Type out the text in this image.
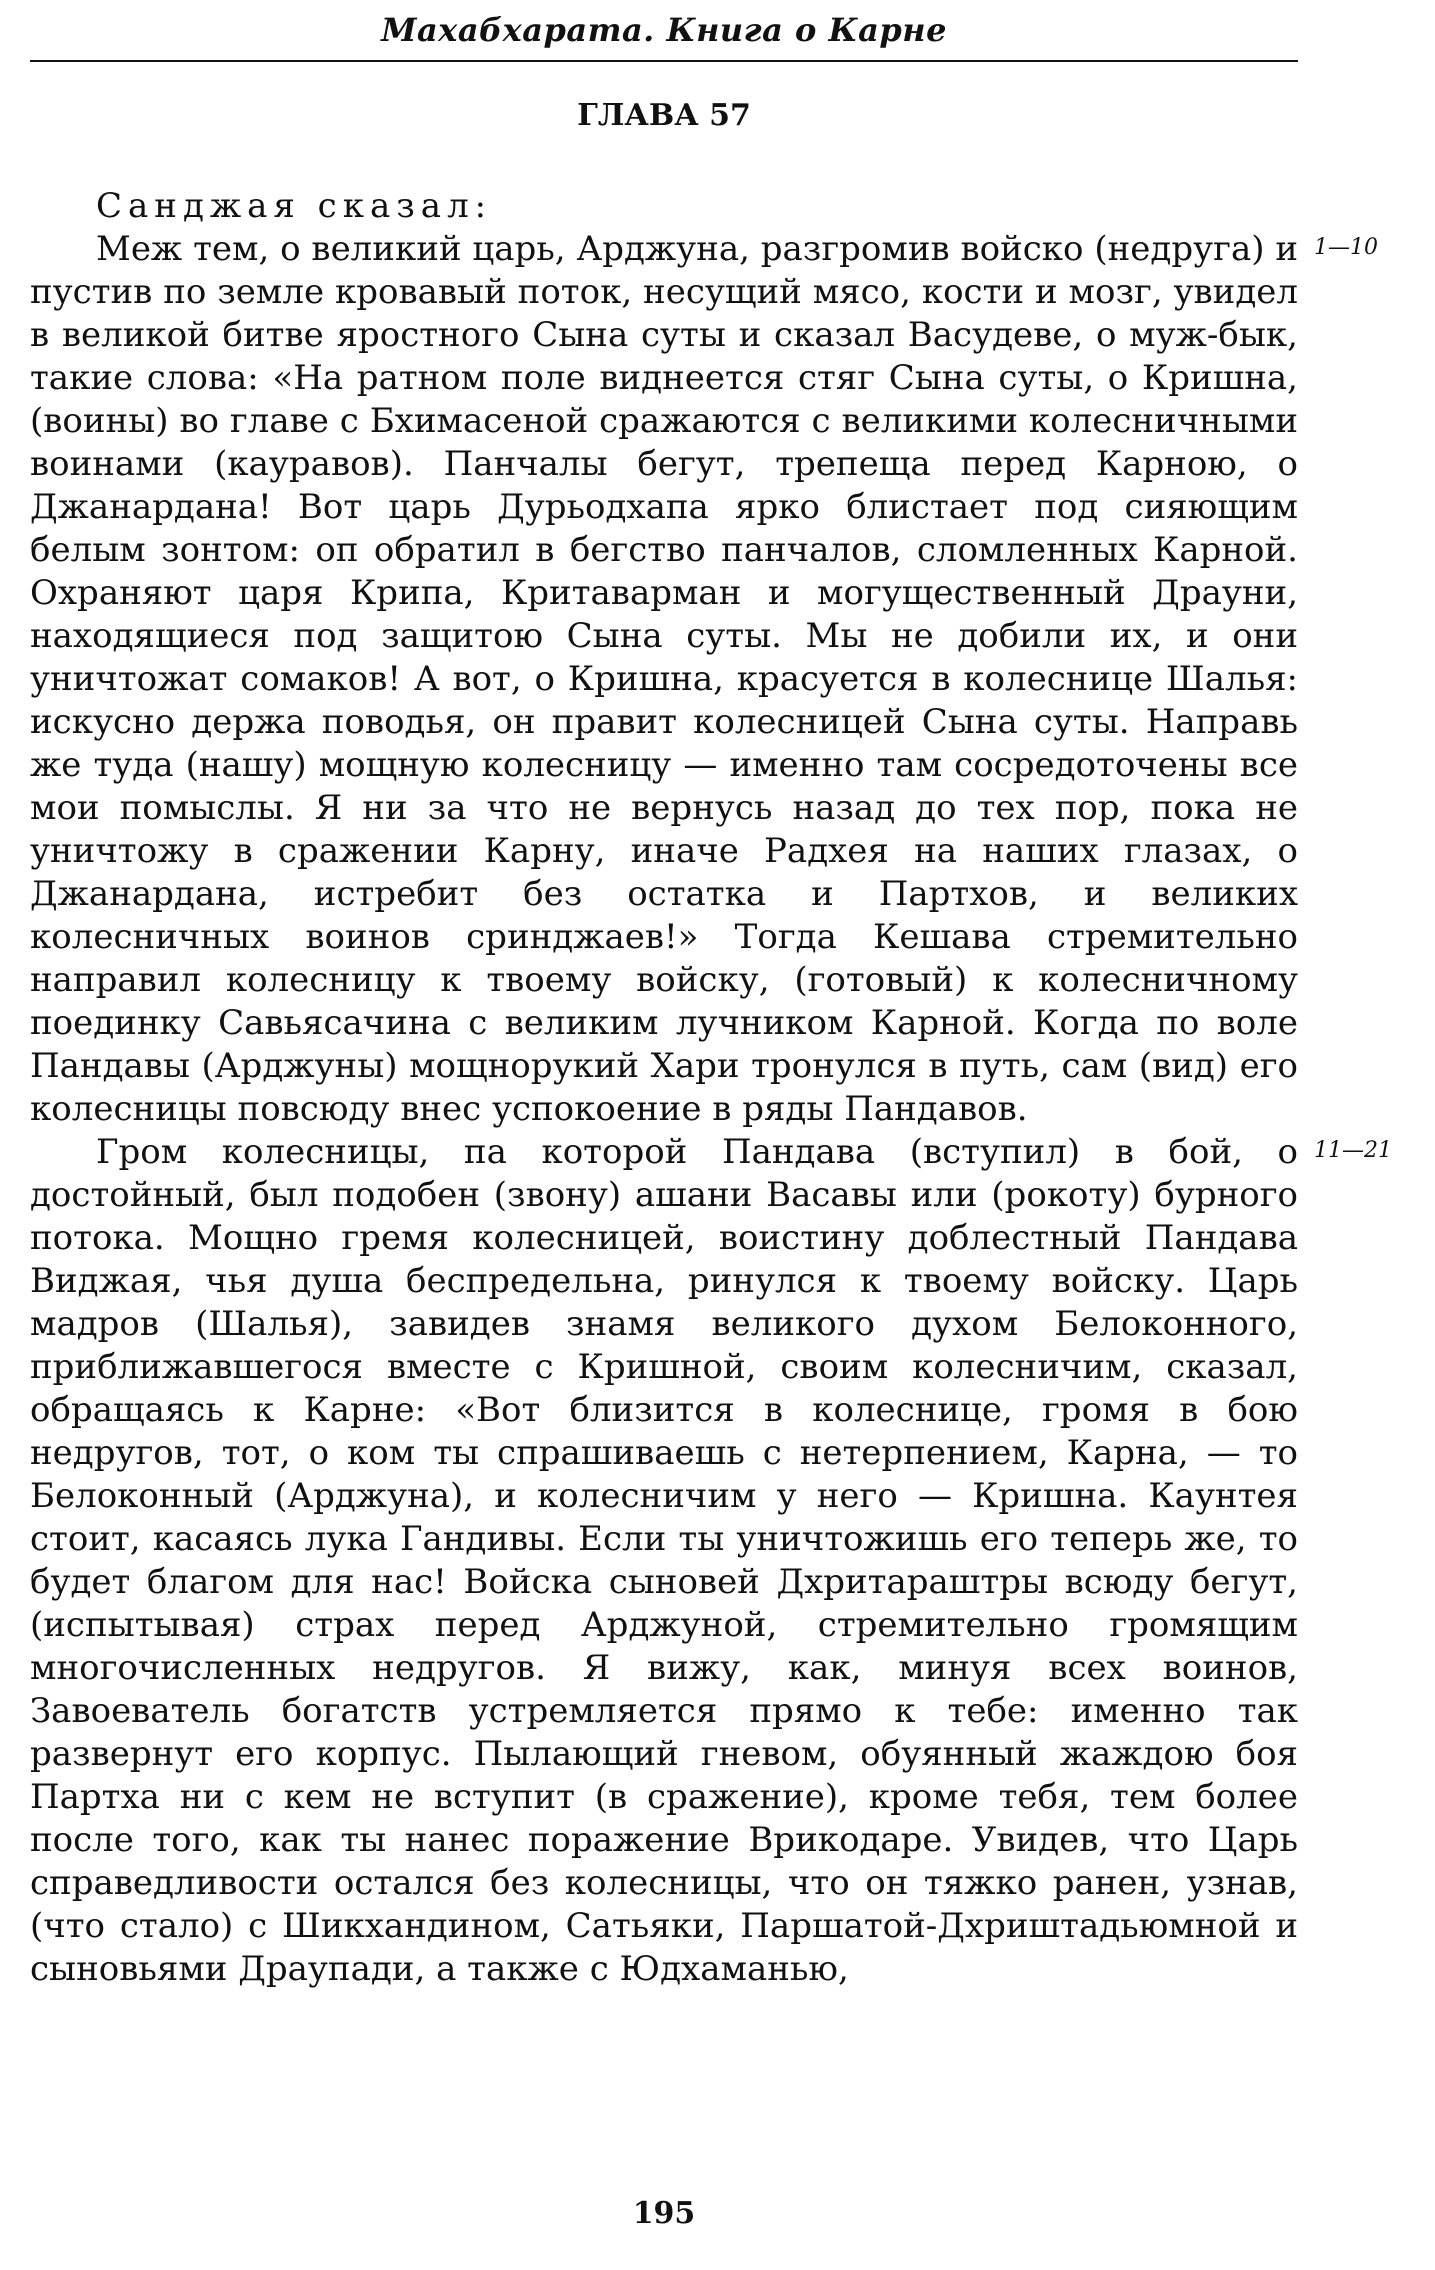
Махабхарата. Книга о Карне
ГЛАВА 57

Санджая сказал:

Меж тем, о великий царь, Арджуна, разгромив войско (недруга) и пустив по земле кровавый поток, несущий мясо, кости и мозг, увидел в великой битве яростного Сына суты и сказал Васудеве, о муж-бык, такие слова: «На ратном поле виднеется стяг Сына суты, о Кришна, (воины) во главе с Бхимасеной сражаются с великими колесничными воинами (кауравов). Панчалы бегут, трепеща перед Карною, о Джанардана! Вот царь Дурьодхапа ярко блистает под сияющим белым зонтом: оп обратил в бегство панчалов, сломленных Карной. Охраняют царя Крипа, Критаварман и могущественный Драуни, находящиеся под защитою Сына суты. Мы не добили их, и они уничтожат сомаков! А вот, о Кришна, красуется в колеснице Шалья: искусно держа поводья, он правит колесницей Сына суты. Направь же туда (нашу) мощную колесницу — именно там сосредоточены все мои помыслы. Я ни за что не вернусь назад до тех пор, пока не уничтожу в сражении Карну, иначе Радхея на наших глазах, о Джанардана, истребит без остатка и Партхов, и великих колесничных воинов сринджаев!» Тогда Кешава стремительно направил колесницу к твоему войску, (готовый) к колесничному поединку Савьясачина с великим лучником Карной. Когда по воле Пандавы (Арджуны) мощнорукий Хари тронулся в путь, сам (вид) его колесницы повсюду внес успокоение в ряды Пандавов.

Гром колесницы, па которой Пандава (вступил) в бой, о достойный, был подобен (звону) ашани Васавы или (рокоту) бурного потока. Мощно гремя колесницей, воистину доблестный Пандава Виджая, чья душа беспредельна, ринулся к твоему войску. Царь мадров (Шалья), завидев знамя великого духом Белоконного, приближавшегося вместе с Кришной, своим колесничим, сказал, обращаясь к Карне: «Вот близится в колеснице, громя в бою недругов, тот, о ком ты спрашиваешь с нетерпением, Карна, — то Белоконный (Арджуна), и колесничим у него — Кришна. Каунтея стоит, касаясь лука Гандивы. Если ты уничтожишь его теперь же, то будет благом для нас! Войска сыновей Дхритараштры всюду бегут, (испытывая) страх перед Арджуной, стремительно громящим многочисленных недругов. Я вижу, как, минуя всех воинов, Завоеватель богатств устремляется прямо к тебе: именно так развернут его корпус. Пылающий гневом, обуянный жаждою боя Партха ни с кем не вступит (в сражение), кроме тебя, тем более после того, как ты нанес поражение Врикодаре. Увидев, что Царь справедливости остался без колесницы, что он тяжко ранен, узнав, (что стало) с Шикхандином, Сатьяки, Паршатой-Дхриштадьюмной и сыновьями Драупади, а также с Юдхаманью,

1—10
11—21
195
